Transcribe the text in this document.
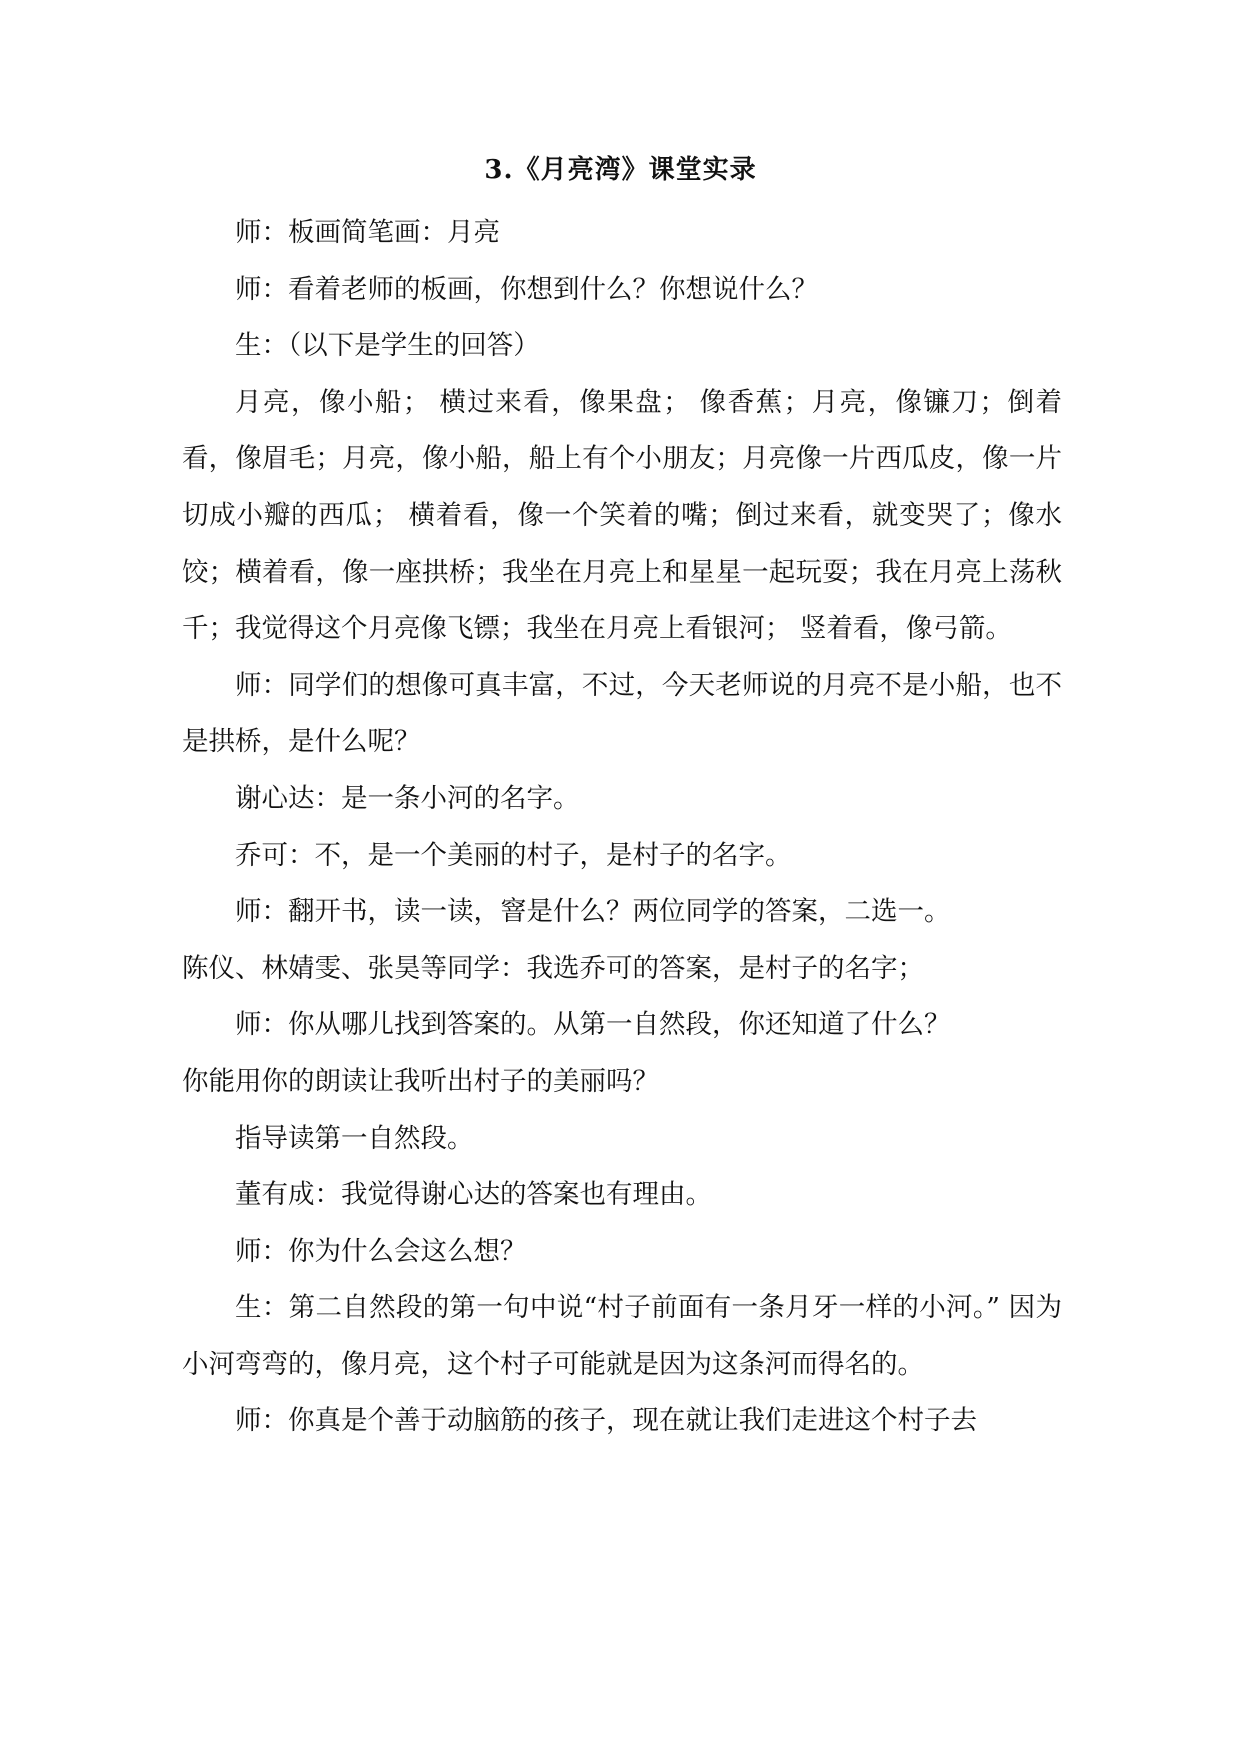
3.《月亮湾》课堂实录

师：板画简笔画：月亮

师：看着老师的板画，你想到什么？你想说什么？

生：（以下是学生的回答）

月亮，像小船； 横过来看，像果盘； 像香蕉；月亮，像镰刀；倒着看，像眉毛；月亮，像小船，船上有个小朋友；月亮像一片西瓜皮，像一片切成小瓣的西瓜； 横着看，像一个笑着的嘴；倒过来看，就变哭了；像水饺；横着看，像一座拱桥；我坐在月亮上和星星一起玩耍；我在月亮上荡秋千；我觉得这个月亮像飞镖；我坐在月亮上看银河； 竖着看，像弓箭。

师：同学们的想像可真丰富，不过，今天老师说的月亮不是小船，也不是拱桥，是什么呢？

谢心达：是一条小河的名字。

乔可：不，是一个美丽的村子，是村子的名字。

师：翻开书，读一读，窨是什么？两位同学的答案，二选一。

陈仪、林婧雯、张昊等同学：我选乔可的答案，是村子的名字；

师：你从哪儿找到答案的。从第一自然段，你还知道了什么？

你能用你的朗读让我听出村子的美丽吗？

指导读第一自然段。

董有成：我觉得谢心达的答案也有理由。

师：你为什么会这么想？

生：第二自然段的第一句中说“村子前面有一条月牙一样的小河。” 因为小河弯弯的，像月亮，这个村子可能就是因为这条河而得名的。

师：你真是个善于动脑筋的孩子，现在就让我们走进这个村子去
